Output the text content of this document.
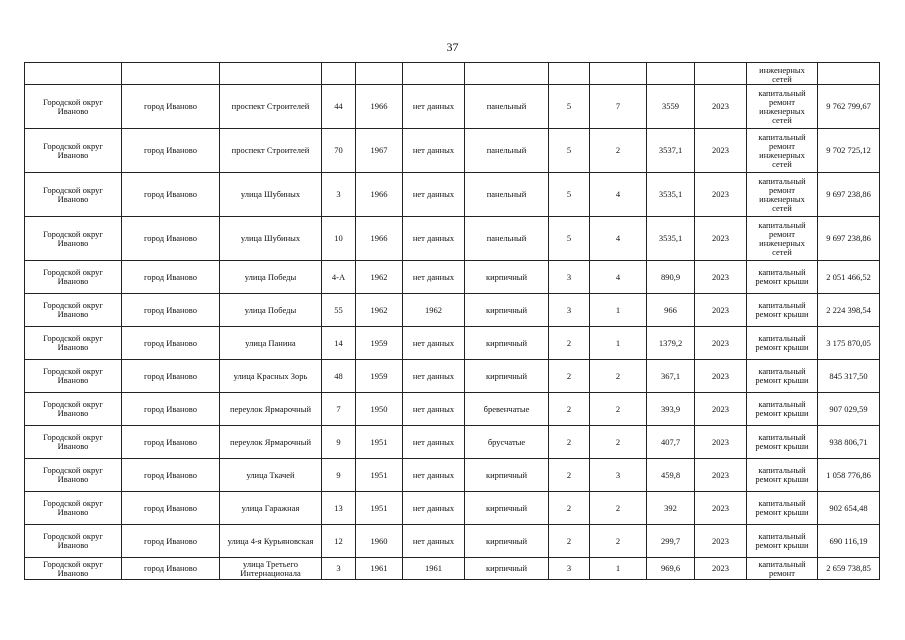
37
											инженерных сетей	
Городской округ Иваново	город Иваново	проспект Строителей	44	1966	нет данных	панельный	5	7	3559	2023	капитальный ремонт инженерных сетей	9 762 799,67
Городской округ Иваново	город Иваново	проспект Строителей	70	1967	нет данных	панельный	5	2	3537,1	2023	капитальный ремонт инженерных сетей	9 702 725,12
Городской округ Иваново	город Иваново	улица Шубиных	3	1966	нет данных	панельный	5	4	3535,1	2023	капитальный ремонт инженерных сетей	9 697 238,86
Городской округ Иваново	город Иваново	улица Шубиных	10	1966	нет данных	панельный	5	4	3535,1	2023	капитальный ремонт инженерных сетей	9 697 238,86
Городской округ Иваново	город Иваново	улица Победы	4-А	1962	нет данных	кирпичный	3	4	890,9	2023	капитальный ремонт крыши	2 051 466,52
Городской округ Иваново	город Иваново	улица Победы	55	1962	1962	кирпичный	3	1	966	2023	капитальный ремонт крыши	2 224 398,54
Городской округ Иваново	город Иваново	улица Панина	14	1959	нет данных	кирпичный	2	1	1379,2	2023	капитальный ремонт крыши	3 175 870,05
Городской округ Иваново	город Иваново	улица Красных Зорь	48	1959	нет данных	кирпичный	2	2	367,1	2023	капитальный ремонт крыши	845 317,50
Городской округ Иваново	город Иваново	переулок Ярмарочный	7	1950	нет данных	бревенчатые	2	2	393,9	2023	капитальный ремонт крыши	907 029,59
Городской округ Иваново	город Иваново	переулок Ярмарочный	9	1951	нет данных	брусчатые	2	2	407,7	2023	капитальный ремонт крыши	938 806,71
Городской округ Иваново	город Иваново	улица Ткачей	9	1951	нет данных	кирпичный	2	3	459,8	2023	капитальный ремонт крыши	1 058 776,86
Городской округ Иваново	город Иваново	улица Гаражная	13	1951	нет данных	кирпичный	2	2	392	2023	капитальный ремонт крыши	902 654,48
Городской округ Иваново	город Иваново	улица 4-я Курьяновская	12	1960	нет данных	кирпичный	2	2	299,7	2023	капитальный ремонт крыши	690 116,19
Городской округ Иваново	город Иваново	улица Третьего Интернационала	3	1961	1961	кирпичный	3	1	969,6	2023	капитальный ремонт	2 659 738,85
